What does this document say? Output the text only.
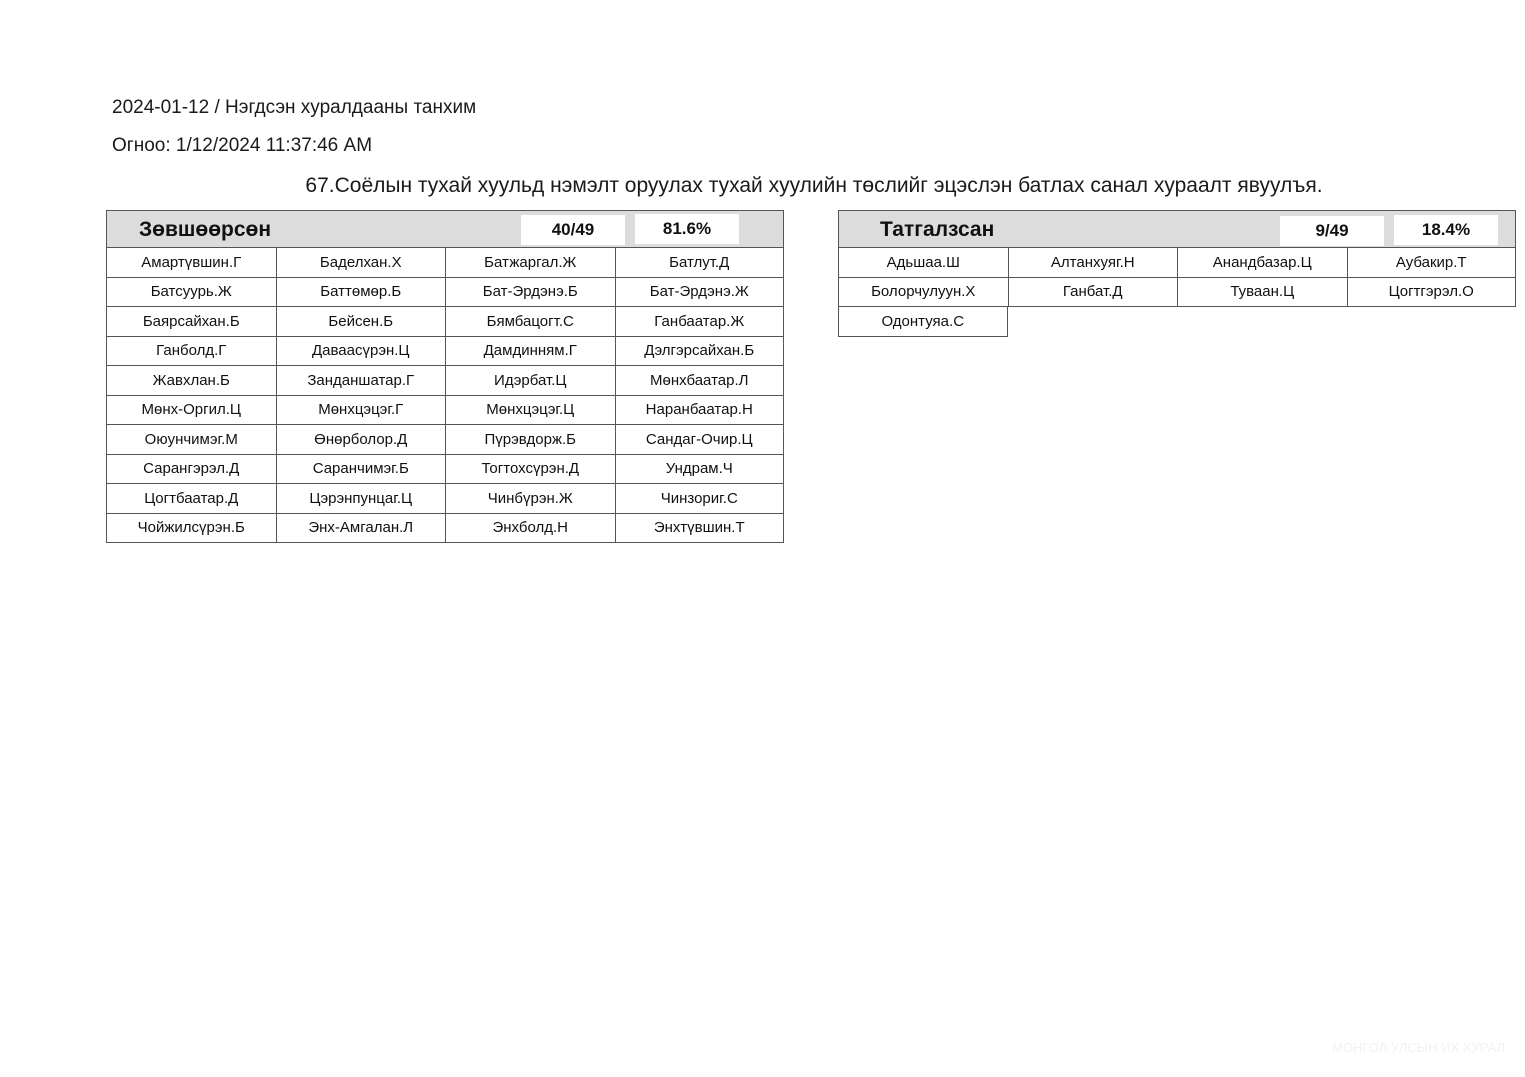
2024-01-12 / Нэгдсэн хуралдааны танхим
Огноо: 1/12/2024 11:37:46 AM
67.Соёлын тухай хуульд нэмэлт оруулах тухай хуулийн төслийг эцэслэн батлах санал хураалт явуулъя.
Зөвшөөрсөн	40/49	81.6%
Амартүвшин.Г	Баделхан.Х	Батжаргал.Ж	Батлут.Д
Батсуурь.Ж	Баттөмөр.Б	Бат-Эрдэнэ.Б	Бат-Эрдэнэ.Ж
Баярсайхан.Б	Бейсен.Б	Бямбацогт.С	Ганбаатар.Ж
Ганболд.Г	Даваасүрэн.Ц	Дамдинням.Г	Дэлгэрсайхан.Б
Жавхлан.Б	Занданшатар.Г	Идэрбат.Ц	Мөнхбаатар.Л
Мөнх-Оргил.Ц	Мөнхцэцэг.Г	Мөнхцэцэг.Ц	Наранбаатар.Н
Оюунчимэг.М	Өнөрболор.Д	Пүрэвдорж.Б	Сандаг-Очир.Ц
Сарангэрэл.Д	Саранчимэг.Б	Тогтохсүрэн.Д	Ундрам.Ч
Цогтбаатар.Д	Цэрэнпунцаг.Ц	Чинбүрэн.Ж	Чинзориг.С
Чойжилсүрэн.Б	Энх-Амгалан.Л	Энхболд.Н	Энхтүвшин.Т
Татгалзсан	9/49	18.4%
Адьшаа.Ш	Алтанхуяг.Н	Анандбазар.Ц	Аубакир.Т
Болорчулуун.Х	Ганбат.Д	Туваан.Ц	Цогтгэрэл.О
Одонтуяа.С
МОНГОЛ УЛСЫН ИХ ХУРАЛ
